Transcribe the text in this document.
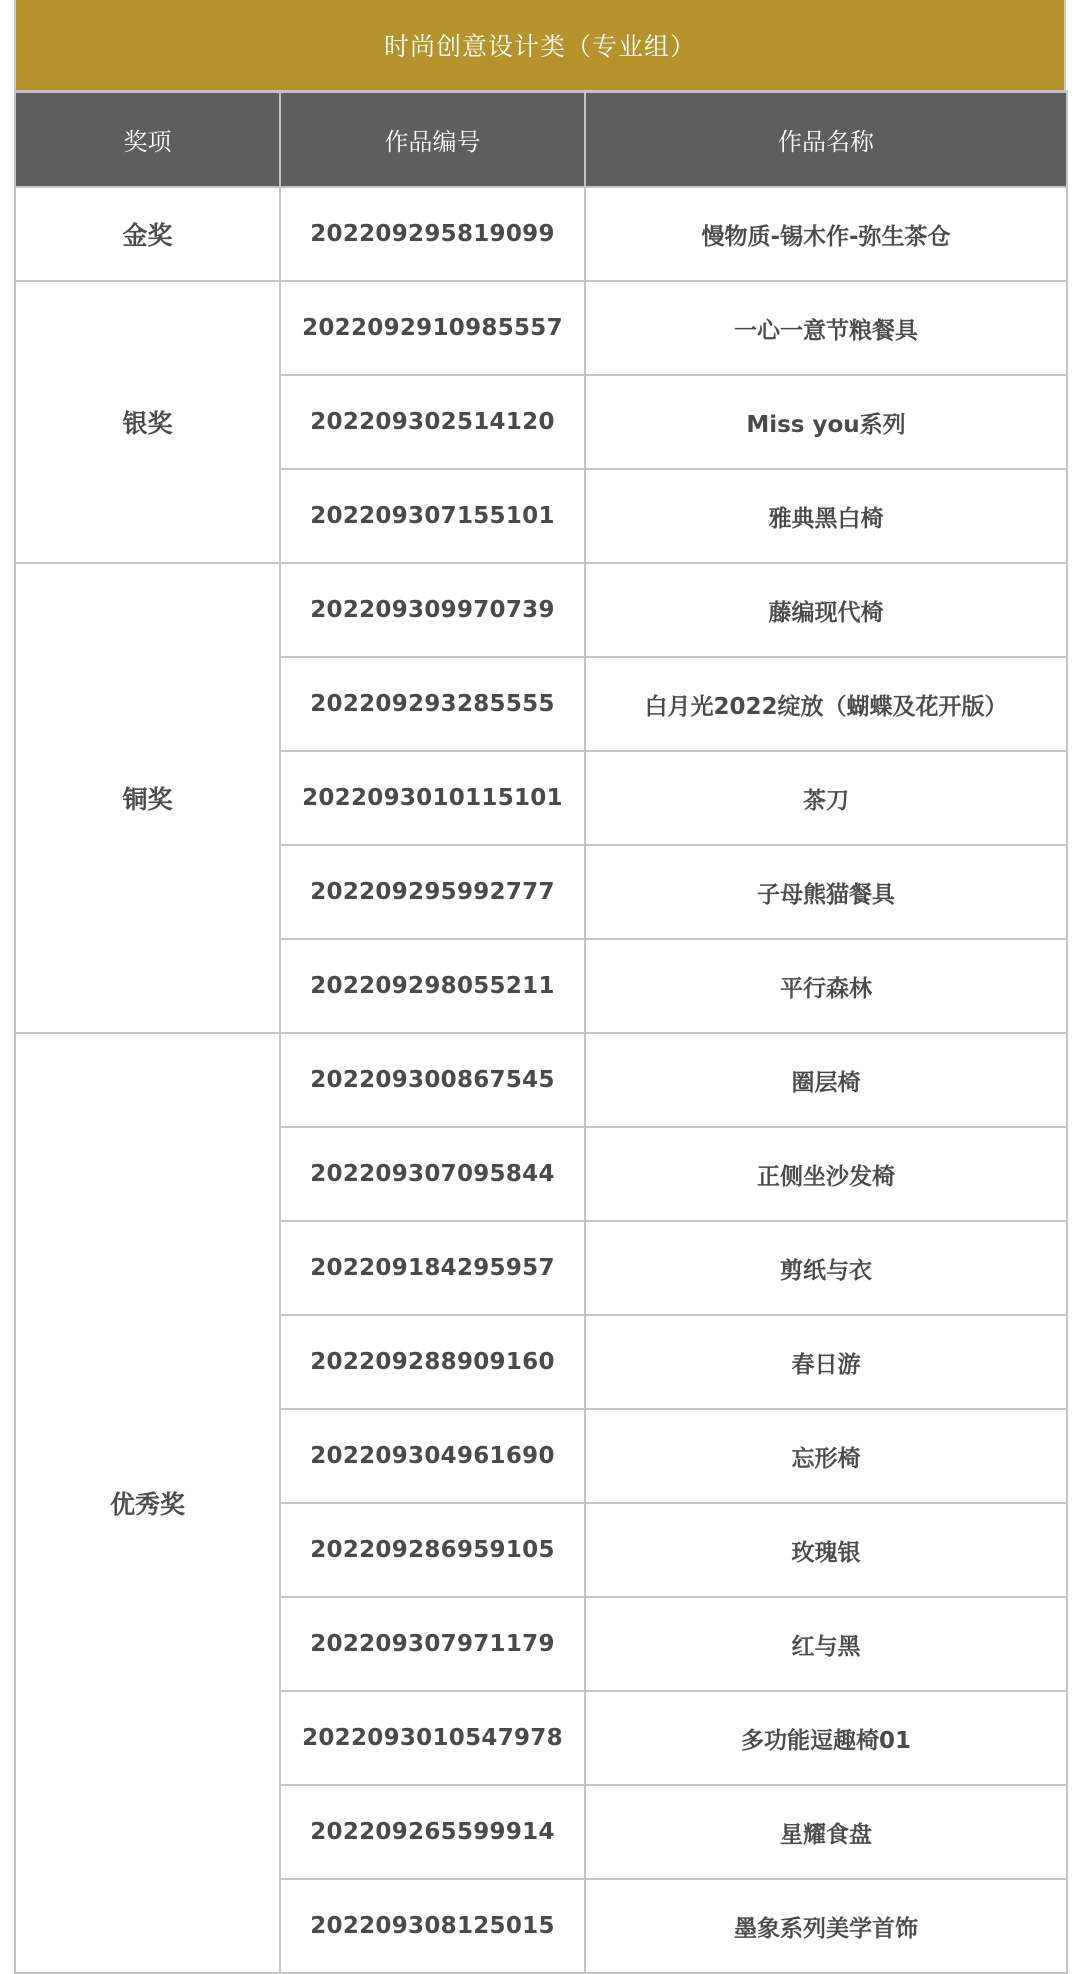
时尚创意设计类（专业组）
奖项	作品编号	作品名称
金奖	202209295819099	慢物质-锡木作-弥生茶仓
银奖	2022092910985557	一心一意节粮餐具
	202209302514120	Miss you系列
	202209307155101	雅典黑白椅
铜奖	202209309970739	藤编现代椅
	202209293285555	白月光2022绽放（蝴蝶及花开版）
	2022093010115101	茶刀
	202209295992777	子母熊猫餐具
	202209298055211	平行森林
优秀奖	202209300867545	圈层椅
	202209307095844	正侧坐沙发椅
	202209184295957	剪纸与衣
	202209288909160	春日游
	202209304961690	忘形椅
	202209286959105	玫瑰银
	202209307971179	红与黑
	2022093010547978	多功能逗趣椅01
	202209265599914	星耀食盘
	202209308125015	墨象系列美学首饰
